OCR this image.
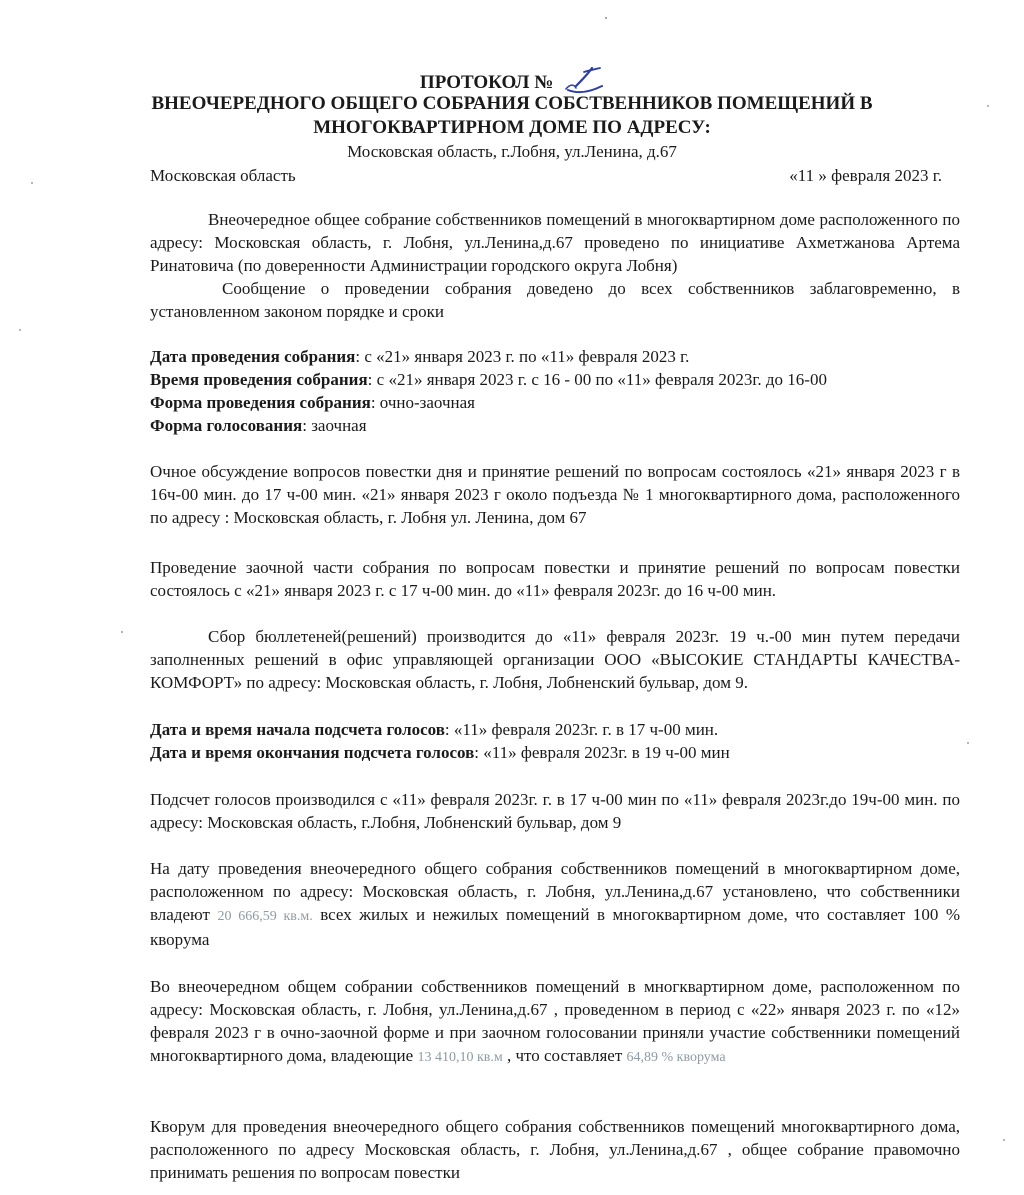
ПРОТОКОЛ №
ВНЕОЧЕРЕДНОГО ОБЩЕГО СОБРАНИЯ СОБСТВЕННИКОВ ПОМЕЩЕНИЙ В
МНОГОКВАРТИРНОМ ДОМЕ ПО АДРЕСУ:
Московская область, г.Лобня, ул.Ленина, д.67
Московская область	«11 » февраля 2023 г.
Внеочередное общее собрание собственников помещений в многоквартирном доме расположенного по адресу: Московская область, г. Лобня, ул.Ленина,д.67 проведено по инициативе Ахметжанова Артема Ринатовича (по доверенности Администрации городского округа Лобня)
Сообщение о проведении собрания доведено до всех собственников заблаговременно, в установленном законом порядке и сроки
Дата проведения собрания: с «21» января 2023 г. по «11» февраля 2023 г.
Время проведения собрания: с «21» января 2023 г. с 16 - 00 по «11» февраля 2023г. до 16-00
Форма проведения собрания: очно-заочная
Форма голосования: заочная
Очное обсуждение вопросов повестки дня и принятие решений по вопросам состоялось «21» января 2023 г в 16ч-00 мин. до 17 ч-00 мин. «21» января 2023 г около подъезда № 1 многоквартирного дома, расположенного по адресу : Московская область, г. Лобня ул. Ленина, дом 67
Проведение заочной части собрания по вопросам повестки и принятие решений по вопросам повестки состоялось с «21» января 2023 г. с 17 ч-00 мин. до «11» февраля 2023г. до 16 ч-00 мин.
Сбор бюллетеней(решений) производится до «11» февраля 2023г. 19 ч.-00 мин путем передачи заполненных решений в офис управляющей организации ООО «ВЫСОКИЕ СТАНДАРТЫ КАЧЕСТВА-КОМФОРТ» по адресу: Московская область, г. Лобня, Лобненский бульвар, дом 9.
Дата и время начала подсчета голосов: «11» февраля 2023г. г. в 17 ч-00 мин.
Дата и время окончания подсчета голосов: «11» февраля 2023г. в 19 ч-00 мин
Подсчет голосов производился с «11» февраля 2023г. г. в 17 ч-00 мин по «11» февраля 2023г.до 19ч-00 мин. по адресу: Московская область, г.Лобня, Лобненский бульвар, дом 9
На дату проведения внеочередного общего собрания собственников помещений в многоквартирном доме, расположенном по адресу: Московская область, г. Лобня, ул.Ленина,д.67 установлено, что собственники владеют 20 666,59 кв.м. всех жилых и нежилых помещений в многоквартирном доме, что составляет 100 % кворума
Во внеочередном общем собрании собственников помещений в многквартирном доме, расположенном по адресу: Московская область, г. Лобня, ул.Ленина,д.67 , проведенном в период с «22» января 2023 г. по «12» февраля 2023 г в очно-заочной форме и при заочном голосовании приняли участие собственники помещений многоквартирного дома, владеющие 13 410,10 кв.м , что составляет 64,89 % кворума
Кворум для проведения внеочередного общего собрания собственников помещений многоквартирного дома, расположенного по адресу Московская область, г. Лобня, ул.Ленина,д.67 , общее собрание правомочно принимать решения по вопросам повестки
